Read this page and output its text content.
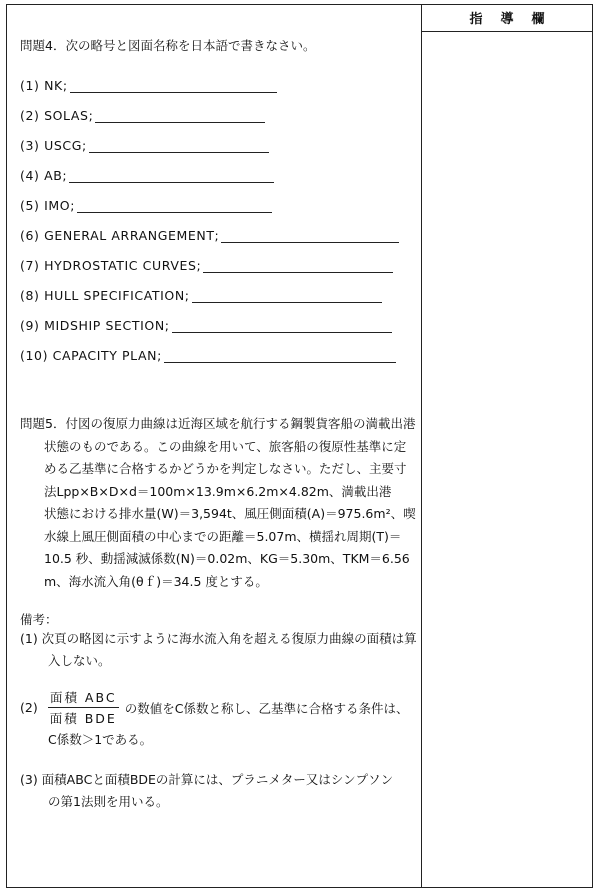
指導欄
問題4．次の略号と図面名称を日本語で書きなさい。
(1) NK;
(2) SOLAS;
(3) USCG;
(4) AB;
(5) IMO;
(6) GENERAL ARRANGEMENT;
(7) HYDROSTATIC CURVES;
(8) HULL SPECIFICATION;
(9) MIDSHIP SECTION;
(10) CAPACITY PLAN;
問題5．付図の復原力曲線は近海区域を航行する鋼製貨客船の満載出港
状態のものである。この曲線を用いて、旅客船の復原性基準に定
める乙基準に合格するかどうかを判定しなさい。ただし、主要寸
法Lpp×B×D×d＝100m×13.9m×6.2m×4.82m、満載出港
状態における排水量(W)＝3,594t、風圧側面積(A)＝975.6m²、喫
水線上風圧側面積の中心までの距離＝5.07m、横揺れ周期(T)＝
10.5 秒、動揺減滅係数(N)＝0.02m、KG＝5.30m、TKM＝6.56
m、海水流入角(θｆ)＝34.5 度とする。
備考：
(1) 次頁の略図に示すように海水流入角を超える復原力曲線の面積は算
入しない。
$(2) \frac{\text{面積 ABC}}{\text{面積 BDE}}$ の数値をC係数と称し、乙基準に合格する条件は、
C係数＞1である。
(3) 面積ABCと面積BDEの計算には、プラニメター又はシンプソン
の第1法則を用いる。
